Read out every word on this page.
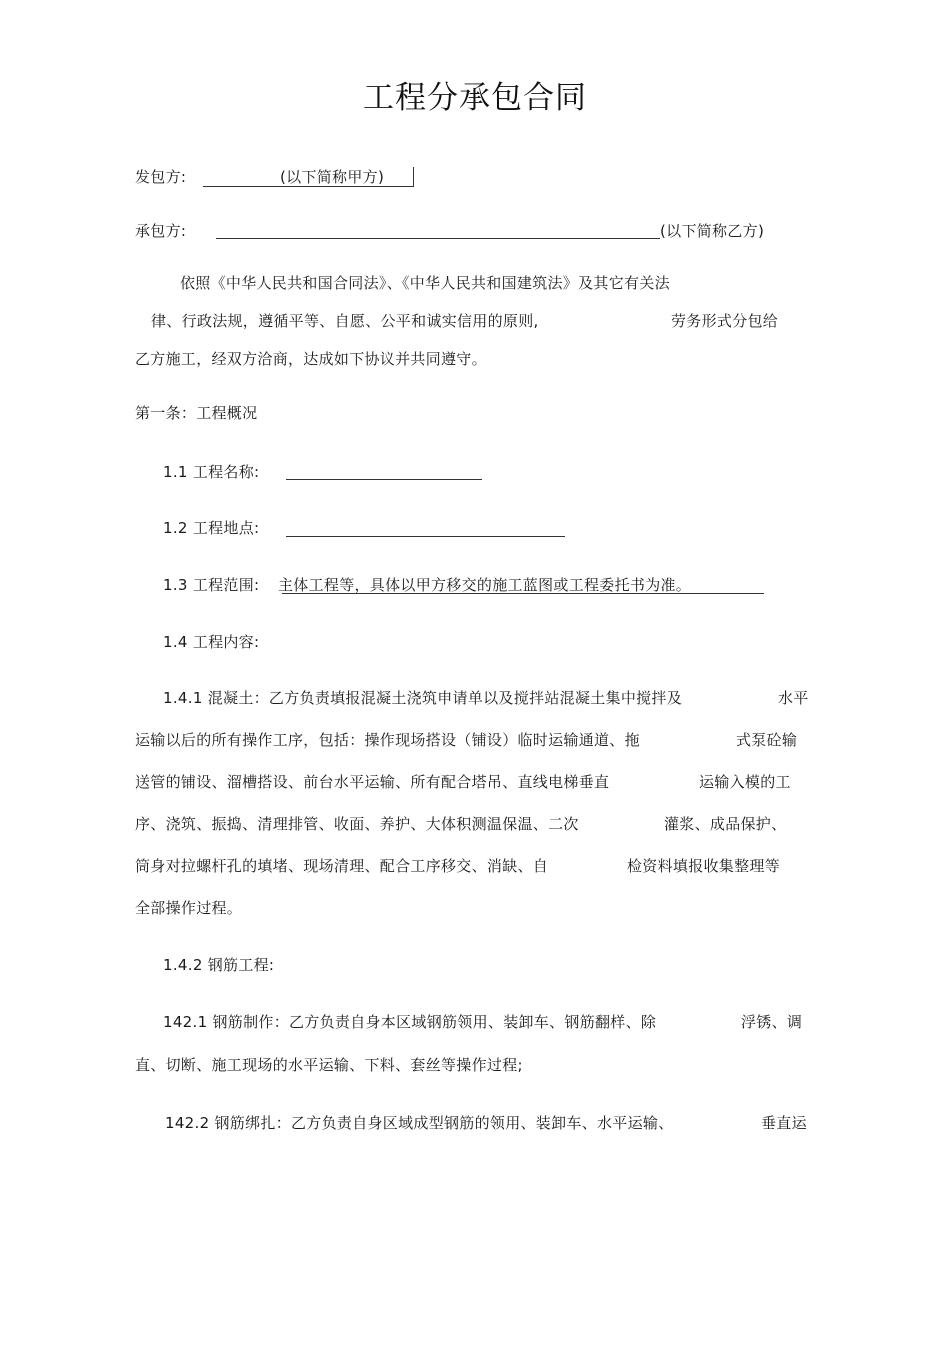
工程分承包合同
发包方:	(以下简称甲方)
承包方:	(以下简称乙方)
依照《中华人民共和国合同法》、《中华人民共和国建筑法》及其它有关法
律、行政法规，遵循平等、自愿、公平和诚实信用的原则,	劳务形式分包给
乙方施工，经双方洽商，达成如下协议并共同遵守。
第一条：工程概况
1.1 工程名称:
1.2 工程地点:
1.3 工程范围: 主体工程等，具体以甲方移交的施工蓝图或工程委托书为准。
1.4 工程内容:
1.4.1 混凝土：乙方负责填报混凝土浇筑申请单以及搅拌站混凝土集中搅拌及	水平
运输以后的所有操作工序，包括：操作现场搭设（铺设）临时运输通道、拖	式泵砼输
送管的铺设、溜槽搭设、前台水平运输、所有配合塔吊、直线电梯垂直	运输入模的工
序、浇筑、振捣、清理排管、收面、养护、大体积测温保温、二次	灌浆、成品保护、
筒身对拉螺杆孔的填堵、现场清理、配合工序移交、消缺、自	检资料填报收集整理等
全部操作过程。
1.4.2 钢筋工程:
142.1 钢筋制作：乙方负责自身本区域钢筋领用、装卸车、钢筋翻样、除	浮锈、调
直、切断、施工现场的水平运输、下料、套丝等操作过程;
142.2 钢筋绑扎：乙方负责自身区域成型钢筋的领用、装卸车、水平运输、	垂直运
